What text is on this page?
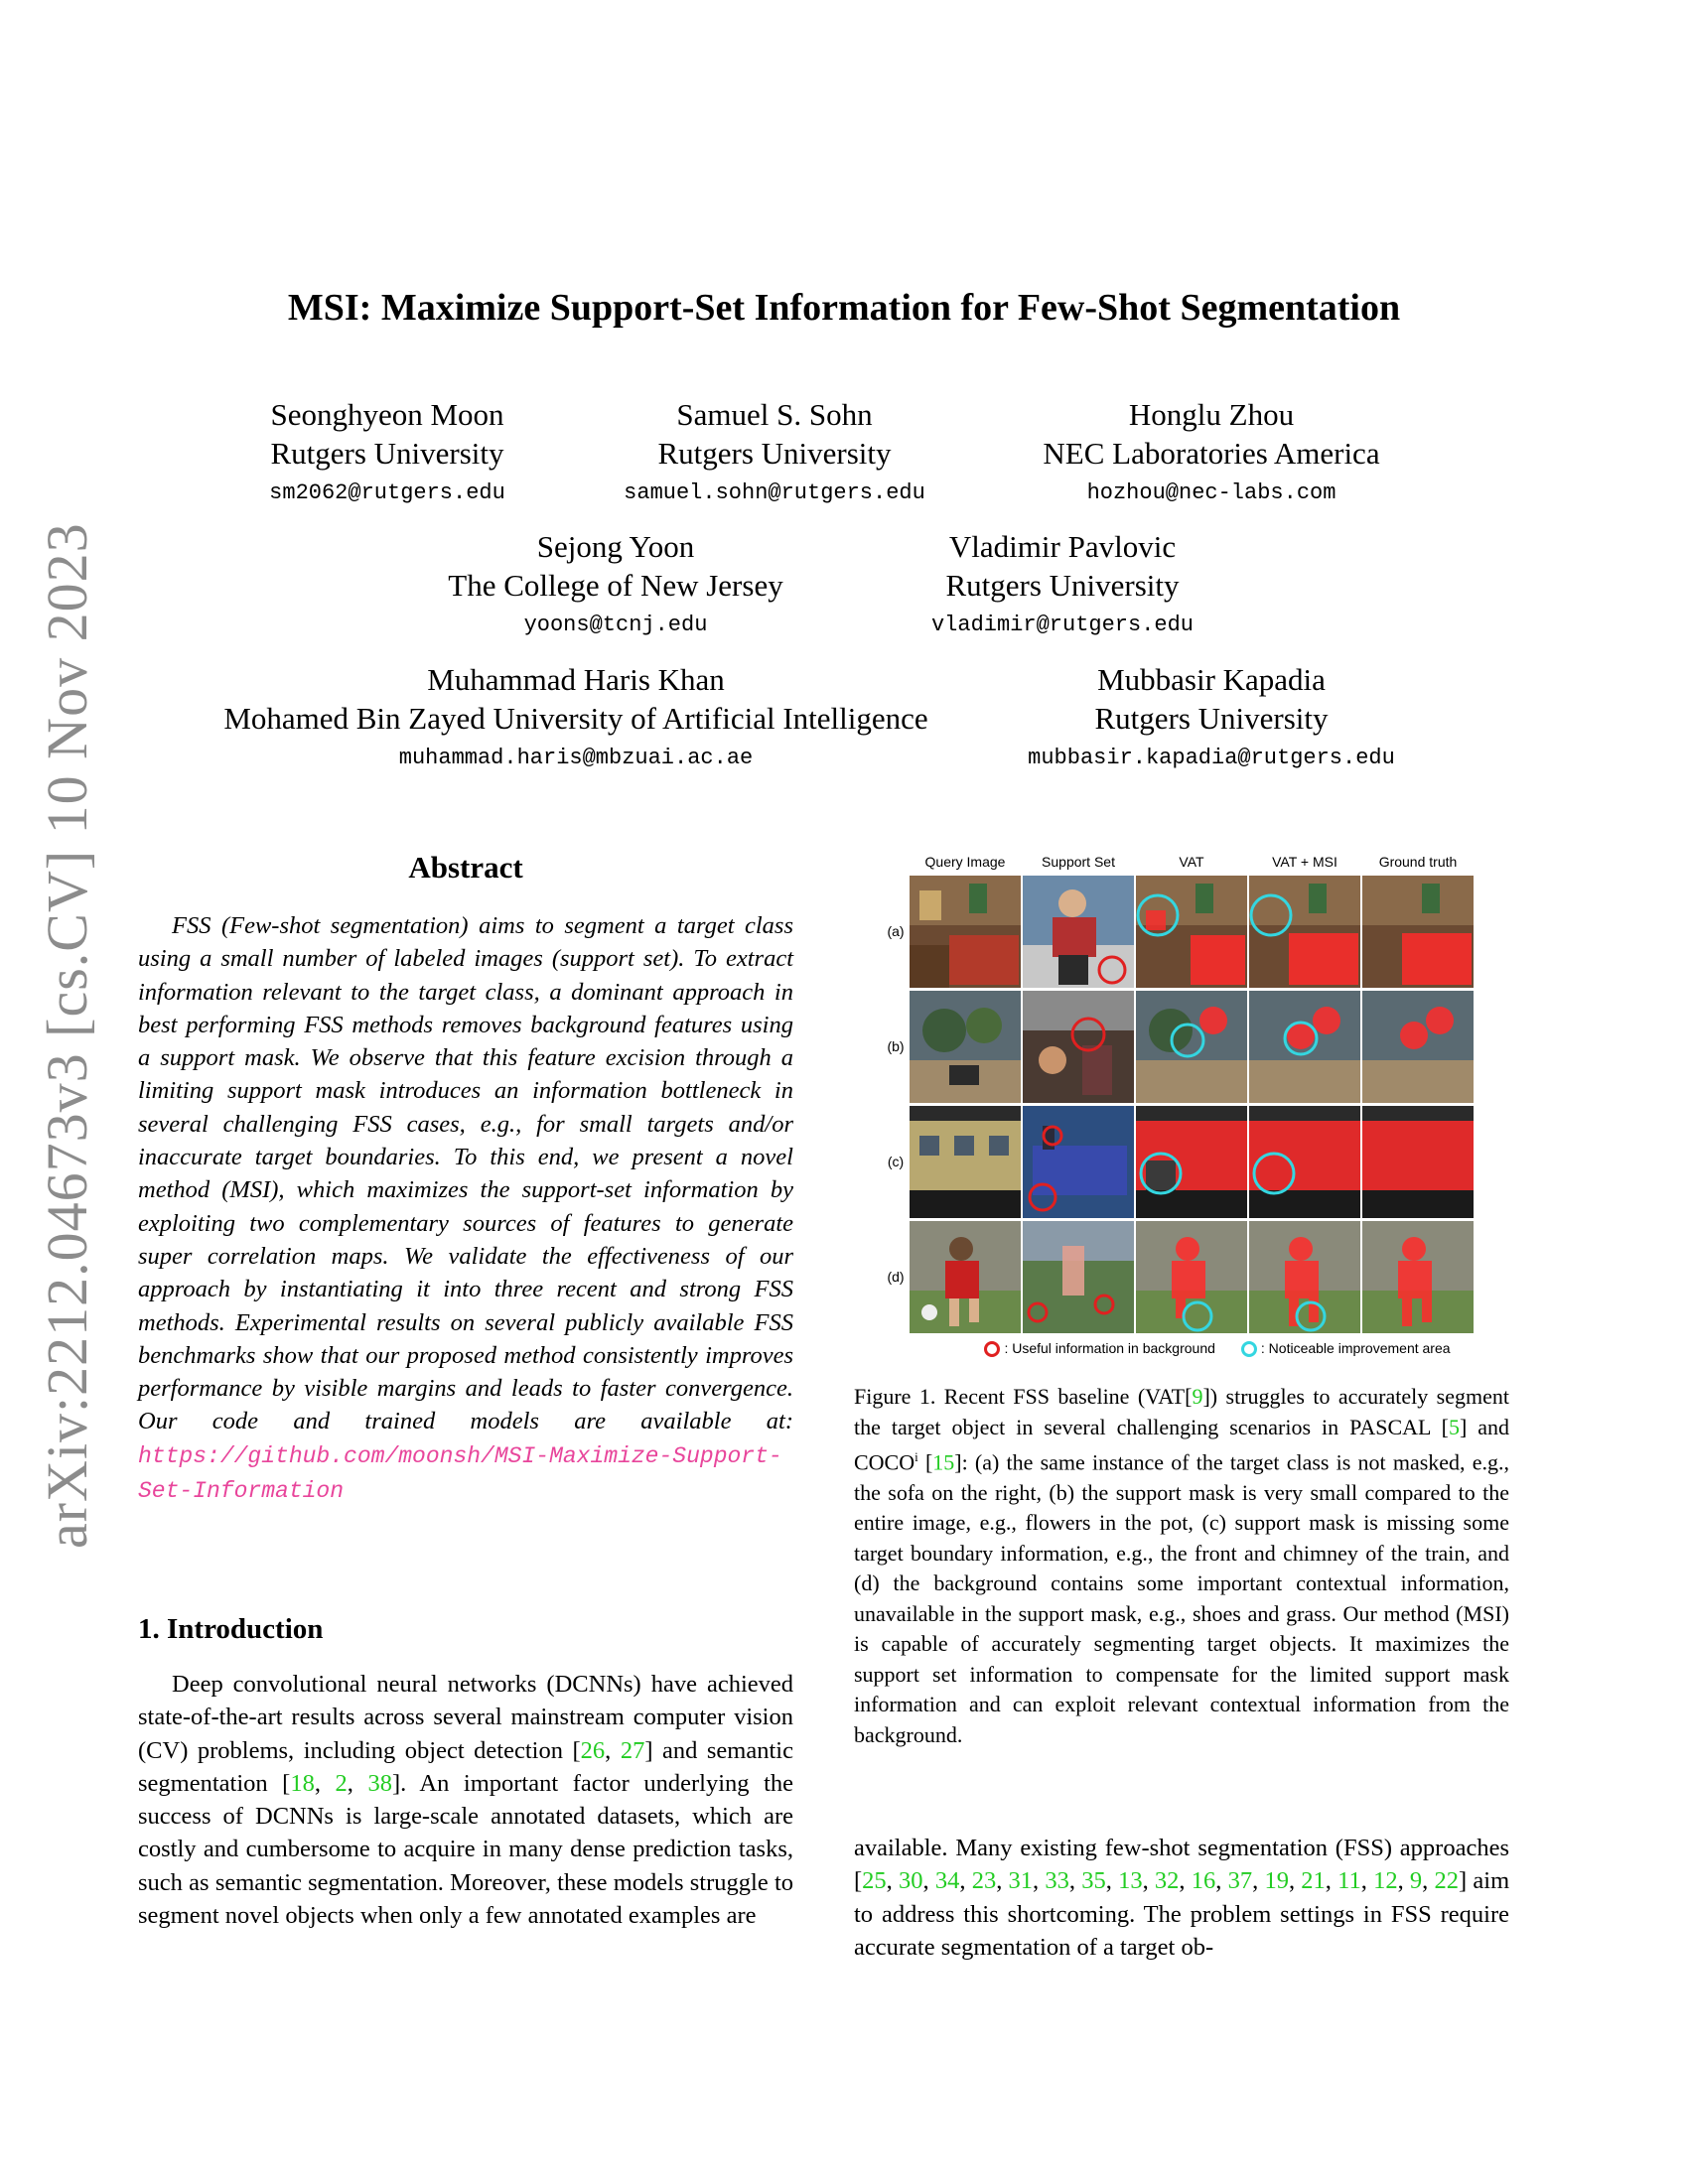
arXiv:2212.04673v3 [cs.CV] 10 Nov 2023
MSI: Maximize Support-Set Information for Few-Shot Segmentation
Seonghyeon Moon
Rutgers University
sm2062@rutgers.edu
Samuel S. Sohn
Rutgers University
samuel.sohn@rutgers.edu
Honglu Zhou
NEC Laboratories America
hozhou@nec-labs.com
Sejong Yoon
The College of New Jersey
yoons@tcnj.edu
Vladimir Pavlovic
Rutgers University
vladimir@rutgers.edu
Muhammad Haris Khan
Mohamed Bin Zayed University of Artificial Intelligence
muhammad.haris@mbzuai.ac.ae
Mubbasir Kapadia
Rutgers University
mubbasir.kapadia@rutgers.edu
Abstract
FSS (Few-shot segmentation) aims to segment a target class using a small number of labeled images (support set). To extract information relevant to the target class, a dominant approach in best performing FSS methods removes background features using a support mask. We observe that this feature excision through a limiting support mask introduces an information bottleneck in several challenging FSS cases, e.g., for small targets and/or inaccurate target boundaries. To this end, we present a novel method (MSI), which maximizes the support-set information by exploiting two complementary sources of features to generate super correlation maps. We validate the effectiveness of our approach by instantiating it into three recent and strong FSS methods. Experimental results on several publicly available FSS benchmarks show that our proposed method consistently improves performance by visible margins and leads to faster convergence. Our code and trained models are available at: https://github.com/moonsh/MSI-Maximize-Support-Set-Information
1. Introduction
Deep convolutional neural networks (DCNNs) have achieved state-of-the-art results across several mainstream computer vision (CV) problems, including object detection [26, 27] and semantic segmentation [18, 2, 38]. An important factor underlying the success of DCNNs is large-scale annotated datasets, which are costly and cumbersome to acquire in many dense prediction tasks, such as semantic segmentation. Moreover, these models struggle to segment novel objects when only a few annotated examples are
Query Image	Support Set	VAT	VAT + MSI	Ground truth
(a)
(b)
(c)
(d)
: Useful information in background	: Noticeable improvement area
Figure 1. Recent FSS baseline (VAT[9]) struggles to accurately segment the target object in several challenging scenarios in PASCAL [5] and COCO$^i$ [15]: (a) the same instance of the target class is not masked, e.g., the sofa on the right, (b) the support mask is very small compared to the entire image, e.g., flowers in the pot, (c) support mask is missing some target boundary information, e.g., the front and chimney of the train, and (d) the background contains some important contextual information, unavailable in the support mask, e.g., shoes and grass. Our method (MSI) is capable of accurately segmenting target objects. It maximizes the support set information to compensate for the limited support mask information and can exploit relevant contextual information from the background.
available. Many existing few-shot segmentation (FSS) approaches [25, 30, 34, 23, 31, 33, 35, 13, 32, 16, 37, 19, 21, 11, 12, 9, 22] aim to address this shortcoming. The problem settings in FSS require accurate segmentation of a target ob-
